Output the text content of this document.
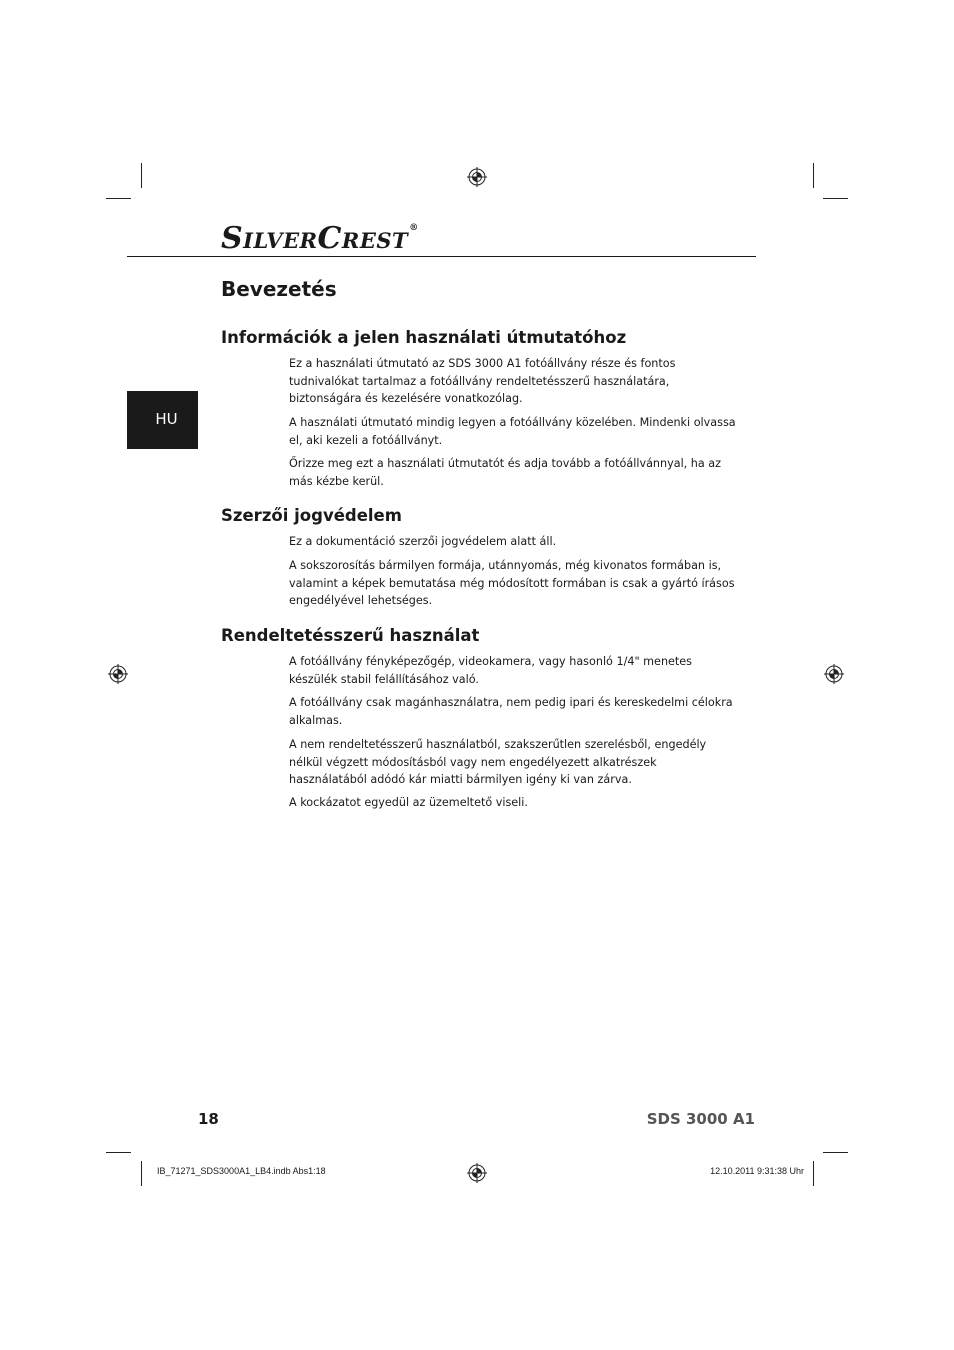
SILVERCREST®
HU
Bevezetés
Információk a jelen használati útmutatóhoz

Ez a használati útmutató az SDS 3000 A1 fotóállvány része és fontos tudnivalókat tartalmaz a fotóállvány rendeltetésszerű használatára, biztonságára és kezelésére vonatkozólag.

A használati útmutató mindig legyen a fotóállvány közelében. Mindenki olvassa el, aki kezeli a fotóállványt.

Őrizze meg ezt a használati útmutatót és adja tovább a fotóállvánnyal, ha az más kézbe kerül.

Szerzői jogvédelem

Ez a dokumentáció szerzői jogvédelem alatt áll.

A sokszorosítás bármilyen formája, utánnyomás, még kivonatos formában is, valamint a képek bemutatása még módosított formában is csak a gyártó írásos engedélyével lehetséges.

Rendeltetésszerű használat

A fotóállvány fényképezőgép, videokamera, vagy hasonló 1/4" menetes készülék stabil felállításához való.

A fotóállvány csak magánhasználatra, nem pedig ipari és kereskedelmi célokra alkalmas.

A nem rendeltetésszerű használatból, szakszerűtlen szerelésből, engedély nélkül végzett módosításból vagy nem engedélyezett alkatrészek használatából adódó kár miatti bármilyen igény ki van zárva.

A kockázatot egyedül az üzemeltető viseli.

18	SDS 3000 A1

IB_71271_SDS3000A1_LB4.indb Abs1:18	12.10.2011 9:31:38 Uhr
